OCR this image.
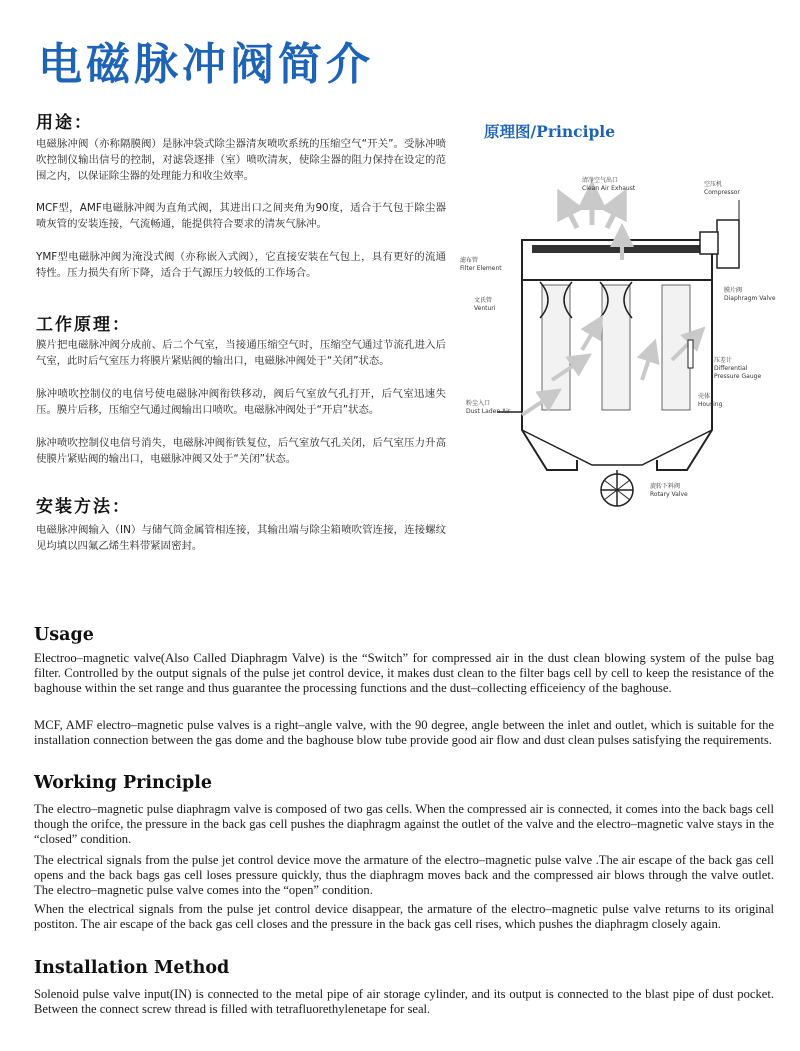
电磁脉冲阀简介
用途：

电磁脉冲阀（亦称隔膜阀）是脉冲袋式除尘器清灰喷吹系统的压缩空气“开关”。受脉冲喷吹控制仪输出信号的控制，对滤袋逐排（室）喷吹清灰，使除尘器的阻力保持在设定的范围之内，以保证除尘器的处理能力和收尘效率。

MCF型，AMF电磁脉冲阀为直角式阀，其进出口之间夹角为90度，适合于气包于除尘器喷灰管的安装连接，气流畅通，能提供符合要求的清灰气脉冲。

YMF型电磁脉冲阀为淹没式阀（亦称嵌入式阀），它直接安装在气包上，具有更好的流通特性。压力损失有所下降，适合于气源压力较低的工作场合。

工作原理：

膜片把电磁脉冲阀分成前、后二个气室，当接通压缩空气时，压缩空气通过节流孔进入后气室，此时后气室压力将膜片紧贴阀的输出口，电磁脉冲阀处于“关闭”状态。

脉冲喷吹控制仪的电信号使电磁脉冲阀衔铁移动，阀后气室放气孔打开，后气室迅速失压。膜片后移，压缩空气通过阀输出口喷吹。电磁脉冲阀处于“开启”状态。

脉冲喷吹控制仪电信号消失，电磁脉冲阀衔铁复位，后气室放气孔关闭，后气室压力升高使膜片紧贴阀的输出口，电磁脉冲阀又处于“关闭”状态。

安装方法：

电磁脉冲阀输入（IN）与储气筒金属管相连接，其输出端与除尘箱喷吹管连接，连接螺纹见均填以四氟乙烯生料带紧固密封。

原理图/Principle
清净空气出口
Clean Air Exhaust
空压机
Compressor
滤布管
Filter Element
文氏管
Venturi
膜片阀
Diaphragm Valve
压差计
Differential
Pressure Gauge
壳体
Housing
粉尘入口
Dust Laden Air
旋转下料阀
Rotary Valve
Usage

Electroo–magnetic valve(Also Called Diaphragm Valve) is the “Switch” for compressed air in the dust clean blowing system of the pulse bag filter. Controlled by the output signals of the pulse jet control device, it makes dust clean to the filter bags cell by cell to keep the resistance of the baghouse within the set range and thus guarantee the processing functions and the dust–collecting efficeiency of the baghouse.

MCF, AMF electro–magnetic pulse valves is a right–angle valve, with the 90 degree, angle between the inlet and outlet, which is suitable for the installation connection between the gas dome and the baghouse blow tube provide good air flow and dust clean pulses satisfying the requirements.

Working Principle

The electro–magnetic pulse diaphragm valve is composed of two gas cells. When the compressed air is connected, it comes into the back bags cell though the orifce, the pressure in the back gas cell pushes the diaphragm against the outlet of the valve and the electro–magnetic valve stays in the “closed” condition.

The electrical signals from the pulse jet control device move the armature of the electro–magnetic pulse valve .The air escape of the back gas cell opens and the back bags gas cell loses pressure quickly, thus the diaphragm moves back and the compressed air blows through the valve outlet. The electro–magnetic pulse valve comes into the “open” condition.

When the electrical signals from the pulse jet control device disappear, the armature of the electro–magnetic pulse valve returns to its original postiton. The air escape of the back gas cell closes and the pressure in the back gas cell rises, which pushes the diaphragm closely again.

Installation Method

Solenoid pulse valve input(IN) is connected to the metal pipe of air storage cylinder, and its output is connected to the blast pipe of dust pocket. Between the connect screw thread is filled with tetrafluorethylenetape for seal.
